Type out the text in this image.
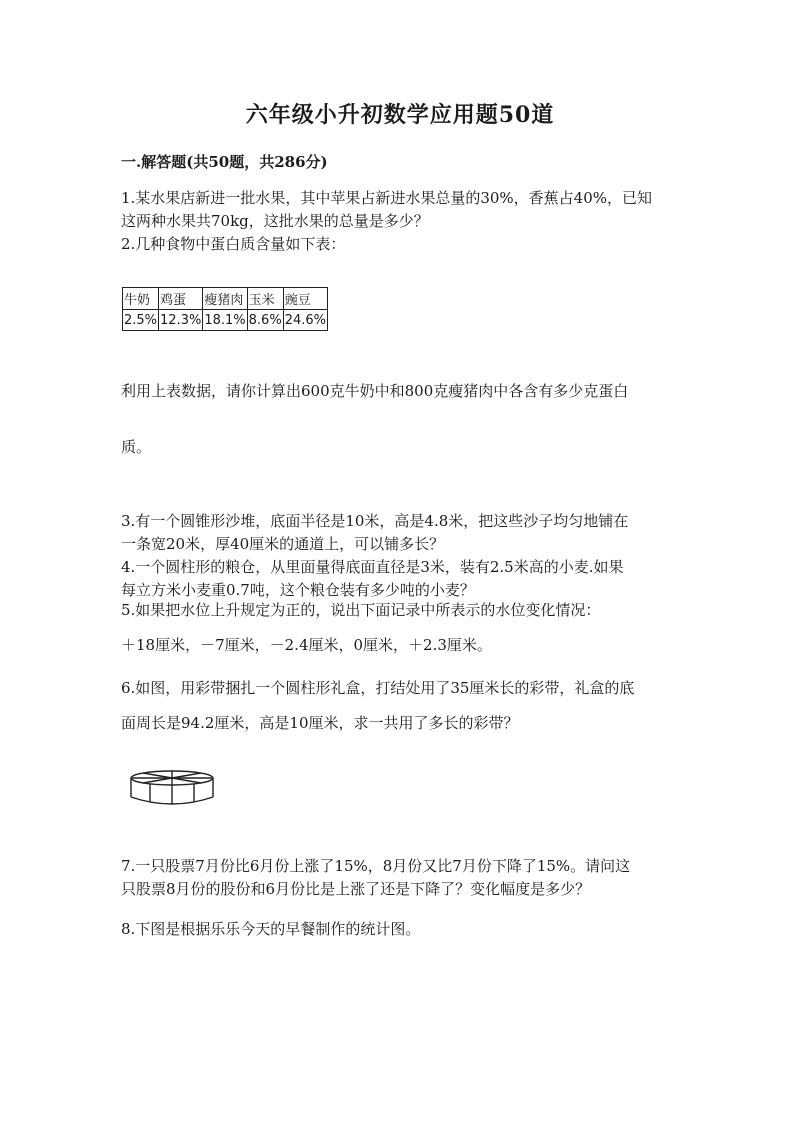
六年级小升初数学应用题50道
一.解答题(共50题，共286分)
1.某水果店新进一批水果，其中苹果占新进水果总量的30%，香蕉占40%，已知
这两种水果共70kg，这批水果的总量是多少？
2.几种食物中蛋白质含量如下表：
牛奶	鸡蛋	瘦猪肉	玉米	豌豆
2.5%	12.3%	18.1%	8.6%	24.6%
利用上表数据，请你计算出600克牛奶中和800克瘦猪肉中各含有多少克蛋白
质。
3.有一个圆锥形沙堆，底面半径是10米，高是4.8米，把这些沙子均匀地铺在
一条宽20米，厚40厘米的通道上，可以铺多长？
4.一个圆柱形的粮仓，从里面量得底面直径是3米，装有2.5米高的小麦.如果
每立方米小麦重0.7吨，这个粮仓装有多少吨的小麦？
5.如果把水位上升规定为正的，说出下面记录中所表示的水位变化情况：
＋18厘米，－7厘米，－2.4厘米，0厘米，＋2.3厘米。
6.如图，用彩带捆扎一个圆柱形礼盒，打结处用了35厘米长的彩带，礼盒的底
面周长是94.2厘米，高是10厘米，求一共用了多长的彩带？
7.一只股票7月份比6月份上涨了15%，8月份又比7月份下降了15%。请问这
只股票8月份的股份和6月份比是上涨了还是下降了？变化幅度是多少？
8.下图是根据乐乐今天的早餐制作的统计图。
